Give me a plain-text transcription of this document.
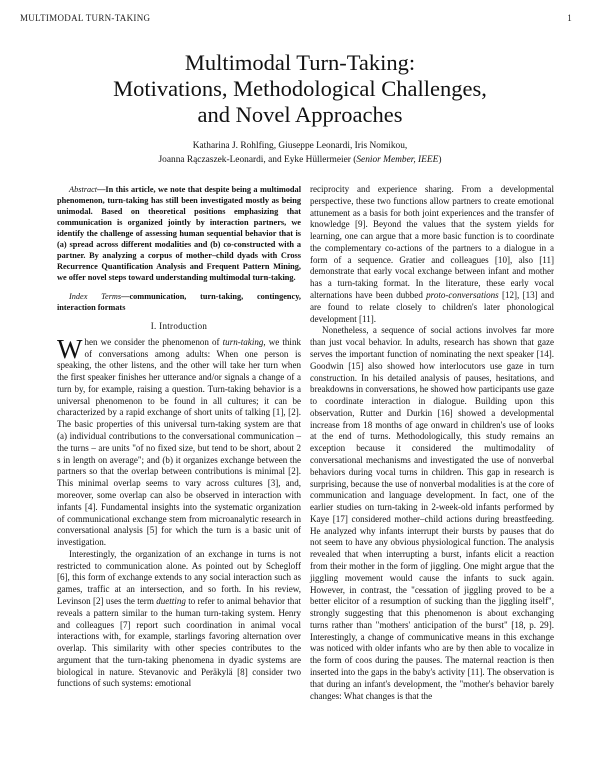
MULTIMODAL TURN-TAKING	1
Multimodal Turn-Taking:
Motivations, Methodological Challenges,
and Novel Approaches
Katharina J. Rohlfing, Giuseppe Leonardi, Iris Nomikou,
Joanna Rączaszek-Leonardi, and Eyke Hüllermeier (Senior Member, IEEE)

Abstract—In this article, we note that despite being a multimodal phenomenon, turn-taking has still been investigated mostly as being unimodal. Based on theoretical positions emphasizing that communication is organized jointly by interaction partners, we identify the challenge of assessing human sequential behavior that is (a) spread across different modalities and (b) co-constructed with a partner. By analyzing a corpus of mother–child dyads with Cross Recurrence Quantification Analysis and Frequent Pattern Mining, we offer novel steps toward understanding multimodal turn-taking.

Index Terms—communication, turn-taking, contingency, interaction formats

I. Introduction

When we consider the phenomenon of turn-taking, we think of conversations among adults: When one person is speaking, the other listens, and the other will take her turn when the first speaker finishes her utterance and/or signals a change of a turn by, for example, raising a question. Turn-taking behavior is a universal phenomenon to be found in all cultures; it can be characterized by a rapid exchange of short units of talking [1], [2]. The basic properties of this universal turn-taking system are that (a) individual contributions to the conversational communication – the turns – are units "of no fixed size, but tend to be short, about 2 s in length on average"; and (b) it organizes exchange between the partners so that the overlap between contributions is minimal [2]. This minimal overlap seems to vary across cultures [3], and, moreover, some overlap can also be observed in interaction with infants [4]. Fundamental insights into the systematic organization of communicational exchange stem from microanalytic research in conversational analysis [5] for which the turn is a basic unit of investigation.

Interestingly, the organization of an exchange in turns is not restricted to communication alone. As pointed out by Schegloff [6], this form of exchange extends to any social interaction such as games, traffic at an intersection, and so forth. In his review, Levinson [2] uses the term duetting to refer to animal behavior that reveals a pattern similar to the human turn-taking system. Henry and colleagues [7] report such coordination in animal vocal interactions with, for example, starlings favoring alternation over overlap. This similarity with other species contributes to the argument that the turn-taking phenomena in dyadic systems are biological in nature. Stevanovic and Peräkylä [8] consider two functions of such systems: emotional

reciprocity and experience sharing. From a developmental perspective, these two functions allow partners to create emotional attunement as a basis for both joint experiences and the transfer of knowledge [9]. Beyond the values that the system yields for learning, one can argue that a more basic function is to coordinate the complementary co-actions of the partners to a dialogue in a form of a sequence. Gratier and colleagues [10], also [11] demonstrate that early vocal exchange between infant and mother has a turn-taking format. In the literature, these early vocal alternations have been dubbed proto-conversations [12], [13] and are found to relate closely to children's later phonological development [11].

Nonetheless, a sequence of social actions involves far more than just vocal behavior. In adults, research has shown that gaze serves the important function of nominating the next speaker [14]. Goodwin [15] also showed how interlocutors use gaze in turn construction. In his detailed analysis of pauses, hesitations, and breakdowns in conversations, he showed how participants use gaze to coordinate interaction in dialogue. Building upon this observation, Rutter and Durkin [16] showed a developmental increase from 18 months of age onward in children's use of looks at the end of turns. Methodologically, this study remains an exception because it considered the multimodality of conversational mechanisms and investigated the use of nonverbal behaviors during vocal turns in children. This gap in research is surprising, because the use of nonverbal modalities is at the core of communication and language development. In fact, one of the earlier studies on turn-taking in 2-week-old infants performed by Kaye [17] considered mother–child actions during breastfeeding. He analyzed why infants interrupt their bursts by pauses that do not seem to have any obvious physiological function. The analysis revealed that when interrupting a burst, infants elicit a reaction from their mother in the form of jiggling. One might argue that the jiggling movement would cause the infants to suck again. However, in contrast, the "cessation of jiggling proved to be a better elicitor of a resumption of sucking than the jiggling itself", strongly suggesting that this phenomenon is about exchanging turns rather than "mothers' anticipation of the burst" [18, p. 29]. Interestingly, a change of communicative means in this exchange was noticed with older infants who are by then able to vocalize in the form of coos during the pauses. The maternal reaction is then inserted into the gaps in the baby's activity [11]. The observation is that during an infant's development, the "mother's behavior barely changes: What changes is that the
